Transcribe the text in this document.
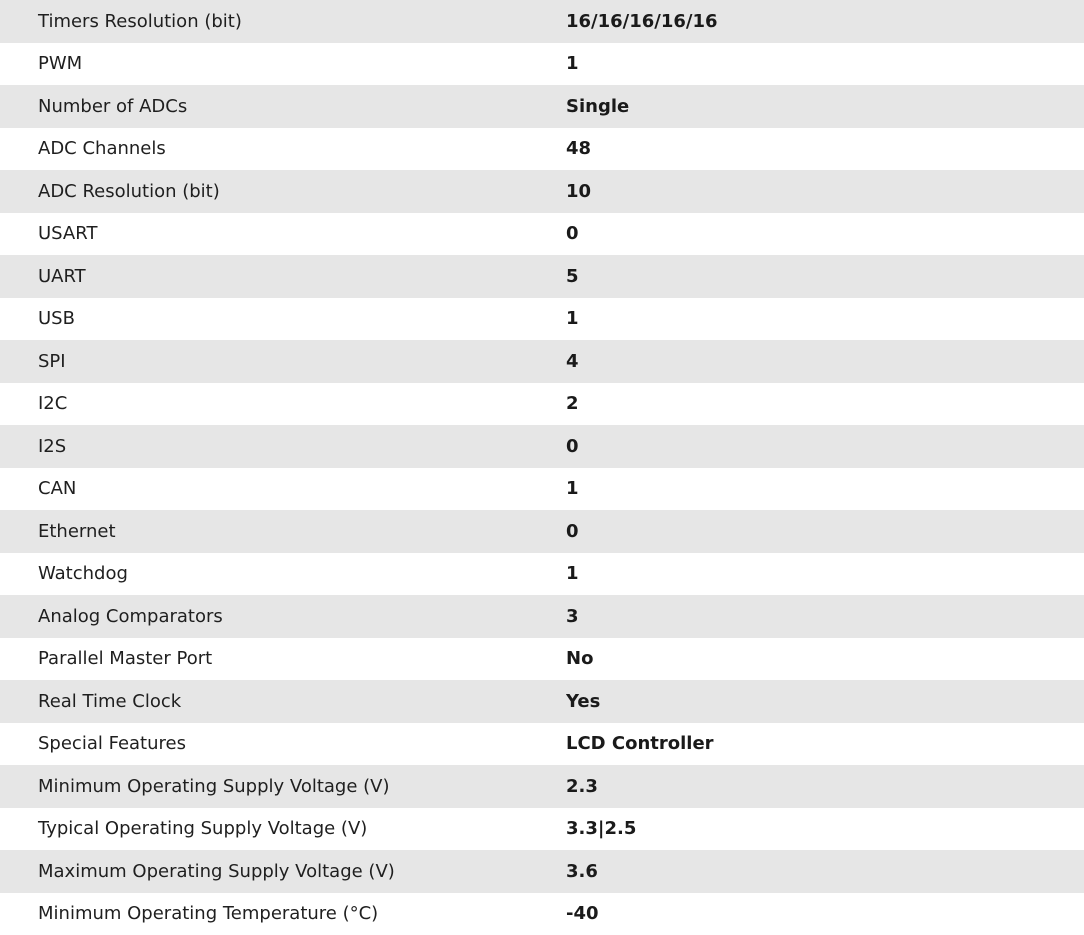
Timers Resolution (bit)	16/16/16/16/16
PWM	1
Number of ADCs	Single
ADC Channels	48
ADC Resolution (bit)	10
USART	0
UART	5
USB	1
SPI	4
I2C	2
I2S	0
CAN	1
Ethernet	0
Watchdog	1
Analog Comparators	3
Parallel Master Port	No
Real Time Clock	Yes
Special Features	LCD Controller
Minimum Operating Supply Voltage (V)	2.3
Typical Operating Supply Voltage (V)	3.3|2.5
Maximum Operating Supply Voltage (V)	3.6
Minimum Operating Temperature (°C)	-40
